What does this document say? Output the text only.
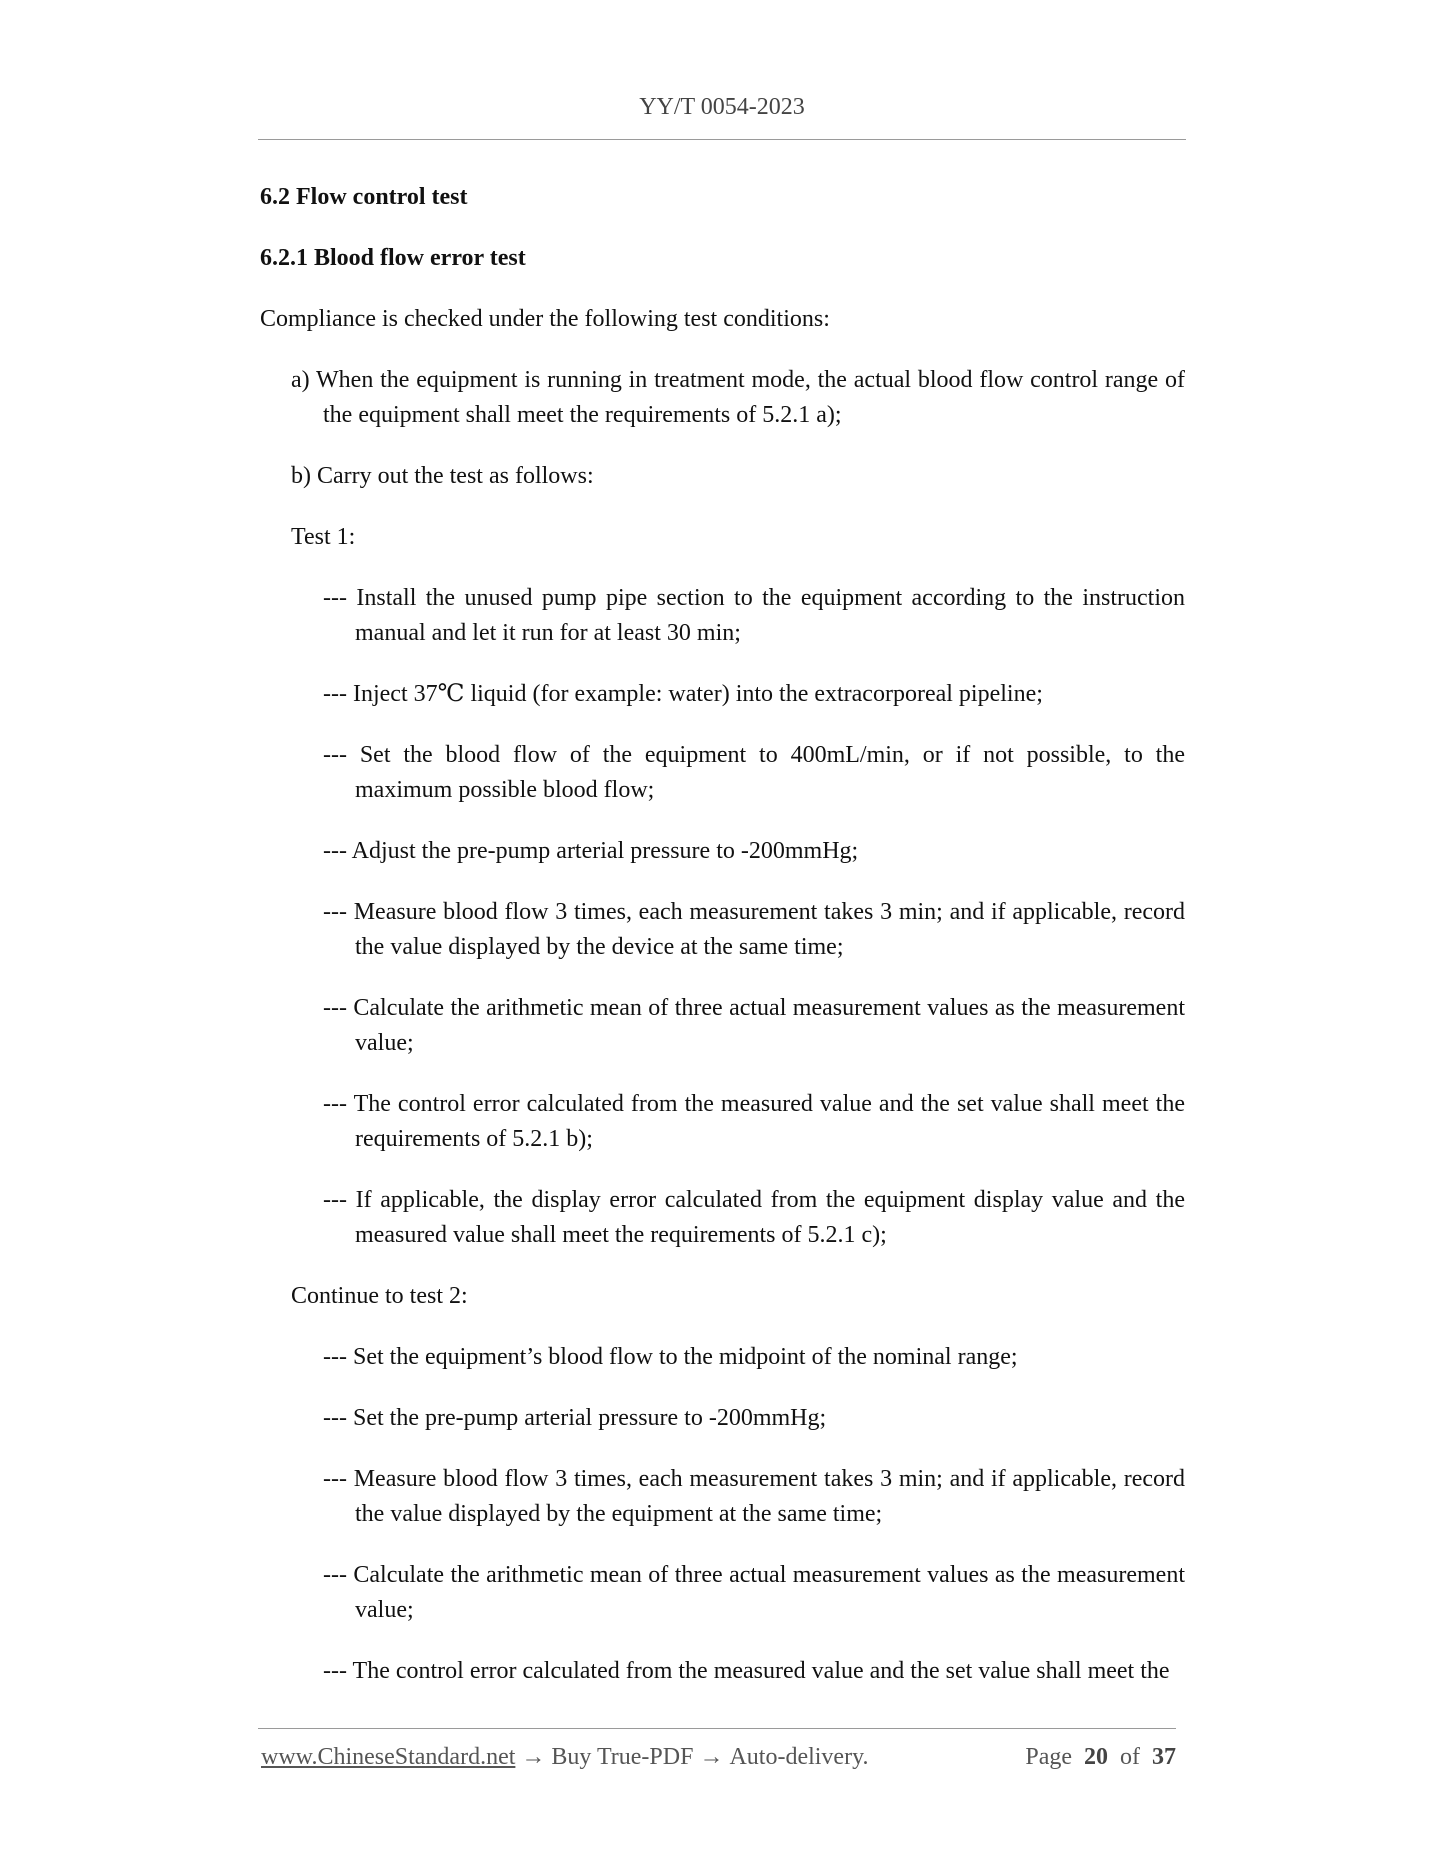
YY/T 0054-2023
6.2 Flow control test
6.2.1 Blood flow error test
Compliance is checked under the following test conditions:
a) When the equipment is running in treatment mode, the actual blood flow control range of the equipment shall meet the requirements of 5.2.1 a);
b) Carry out the test as follows:
Test 1:
--- Install the unused pump pipe section to the equipment according to the instruction manual and let it run for at least 30 min;
--- Inject 37℃ liquid (for example: water) into the extracorporeal pipeline;
--- Set the blood flow of the equipment to 400mL/min, or if not possible, to the maximum possible blood flow;
--- Adjust the pre-pump arterial pressure to -200mmHg;
--- Measure blood flow 3 times, each measurement takes 3 min; and if applicable, record the value displayed by the device at the same time;
--- Calculate the arithmetic mean of three actual measurement values as the measurement value;
--- The control error calculated from the measured value and the set value shall meet the requirements of 5.2.1 b);
--- If applicable, the display error calculated from the equipment display value and the measured value shall meet the requirements of 5.2.1 c);
Continue to test 2:
--- Set the equipment’s blood flow to the midpoint of the nominal range;
--- Set the pre-pump arterial pressure to -200mmHg;
--- Measure blood flow 3 times, each measurement takes 3 min; and if applicable, record the value displayed by the equipment at the same time;
--- Calculate the arithmetic mean of three actual measurement values as the measurement value;
--- The control error calculated from the measured value and the set value shall meet the
www.ChineseStandard.net → Buy True-PDF → Auto-delivery.	Page 20 of 37
